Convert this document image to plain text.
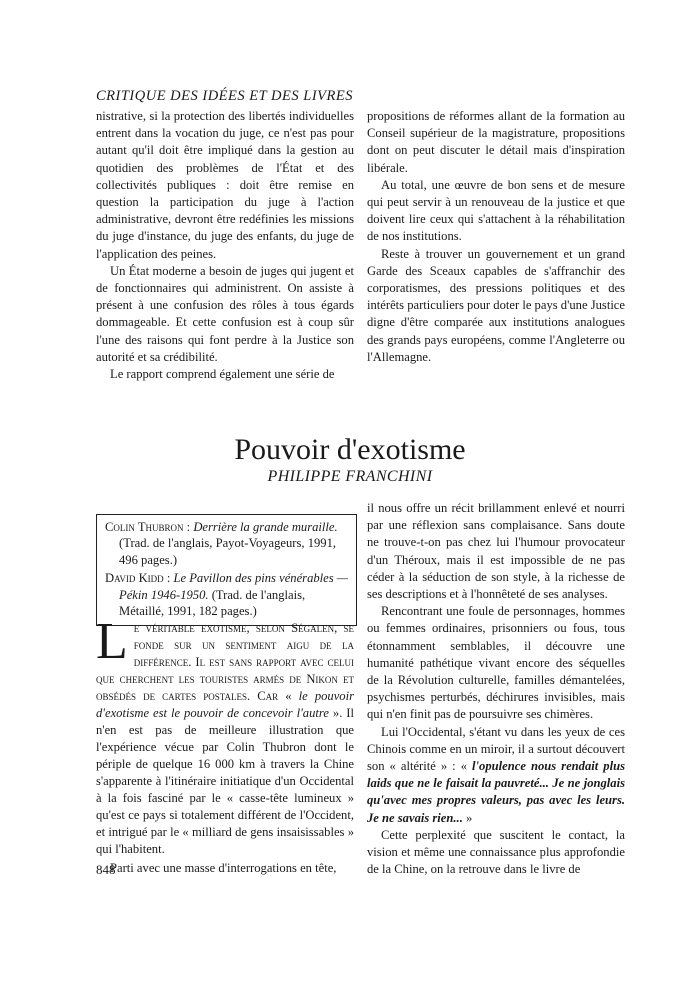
CRITIQUE DES IDÉES ET DES LIVRES

nistrative, si la protection des libertés individuelles entrent dans la vocation du juge, ce n'est pas pour autant qu'il doit être impliqué dans la gestion au quotidien des problèmes de l'État et des collectivités publiques : doit être remise en question la participation du juge à l'action administrative, devront être redéfinies les missions du juge d'instance, du juge des enfants, du juge de l'application des peines.

Un État moderne a besoin de juges qui jugent et de fonctionnaires qui administrent. On assiste à présent à une confusion des rôles à tous égards dommageable. Et cette confusion est à coup sûr l'une des raisons qui font perdre à la Justice son autorité et sa crédibilité.

Le rapport comprend également une série de

propositions de réformes allant de la formation au Conseil supérieur de la magistrature, propositions dont on peut discuter le détail mais d'inspiration libérale.

Au total, une œuvre de bon sens et de mesure qui peut servir à un renouveau de la justice et que doivent lire ceux qui s'attachent à la réhabilitation de nos institutions.

Reste à trouver un gouvernement et un grand Garde des Sceaux capables de s'affranchir des corporatismes, des pressions politiques et des intérêts particuliers pour doter le pays d'une Justice digne d'être comparée aux institutions analogues des grands pays européens, comme l'Angleterre ou l'Allemagne.

Pouvoir d'exotisme
PHILIPPE FRANCHINI
Colin Thubron : Derrière la grande muraille. (Trad. de l'anglais, Payot-Voyageurs, 1991, 496 pages.)
David Kidd : Le Pavillon des pins vénérables — Pékin 1946-1950. (Trad. de l'anglais, Métaillé, 1991, 182 pages.)

Le véritable exotisme, selon Ségalen, se fonde sur un sentiment aigu de la différence. Il est sans rapport avec celui que cherchent les touristes armés de Nikon et obsédés de cartes postales. Car « le pouvoir d'exotisme est le pouvoir de concevoir l'autre ». Il n'en est pas de meilleure illustration que l'expérience vécue par Colin Thubron dont le périple de quelque 16 000 km à travers la Chine s'apparente à l'itinéraire initiatique d'un Occidental à la fois fasciné par le « casse-tête lumineux » qu'est ce pays si totalement différent de l'Occident, et intrigué par le « milliard de gens insaisissables » qui l'habitent.

Parti avec une masse d'interrogations en tête,

il nous offre un récit brillamment enlevé et nourri par une réflexion sans complaisance. Sans doute ne trouve-t-on pas chez lui l'humour provocateur d'un Théroux, mais il est impossible de ne pas céder à la séduction de son style, à la richesse de ses descriptions et à l'honnêteté de ses analyses.

Rencontrant une foule de personnages, hommes ou femmes ordinaires, prisonniers ou fous, tous étonnamment semblables, il découvre une humanité pathétique vivant encore des séquelles de la Révolution culturelle, familles démantelées, psychismes perturbés, déchirures invisibles, mais qui n'en finit pas de poursuivre ses chimères.

Lui l'Occidental, s'étant vu dans les yeux de ces Chinois comme en un miroir, il a surtout découvert son « altérité » : « l'opulence nous rendait plus laids que ne le faisait la pauvreté... Je ne jonglais qu'avec mes propres valeurs, pas avec les leurs. Je ne savais rien... »

Cette perplexité que suscitent le contact, la vision et même une connaissance plus approfondie de la Chine, on la retrouve dans le livre de

848
